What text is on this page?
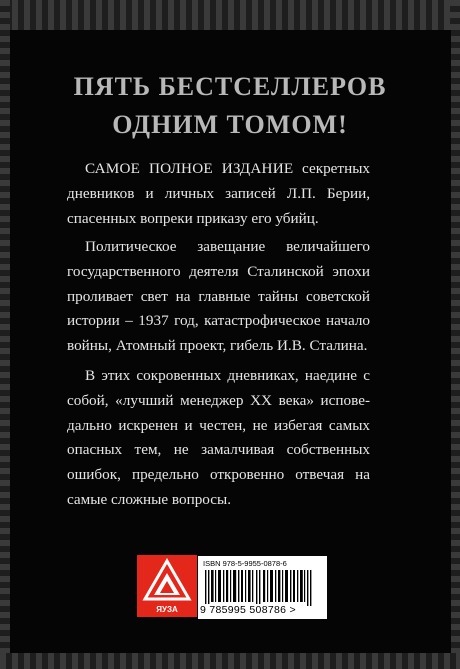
ПЯТЬ БЕСТСЕЛЛЕРОВ
ОДНИМ ТОМОМ!
САМОЕ ПОЛНОЕ ИЗДАНИЕ секретных дневников и личных записей Л.П. Берии, спасенных вопреки приказу его убийц.
Политическое завещание величайшего государственного деятеля Сталинской эпохи проливает свет на главные тайны советской истории – 1937 год, катастрофическое начало войны, Атомный проект, гибель И.В. Сталина.
В этих сокровенных дневниках, наедине с собой, «лучший менеджер XX века» исповедально искренен и честен, не избегая самых опасных тем, не замалчивая собственных ошибок, предельно откровенно отвечая на самые сложные вопросы.
ЯУЗА
ISBN 978-5-9955-0878-6
9 785995 508786 >
